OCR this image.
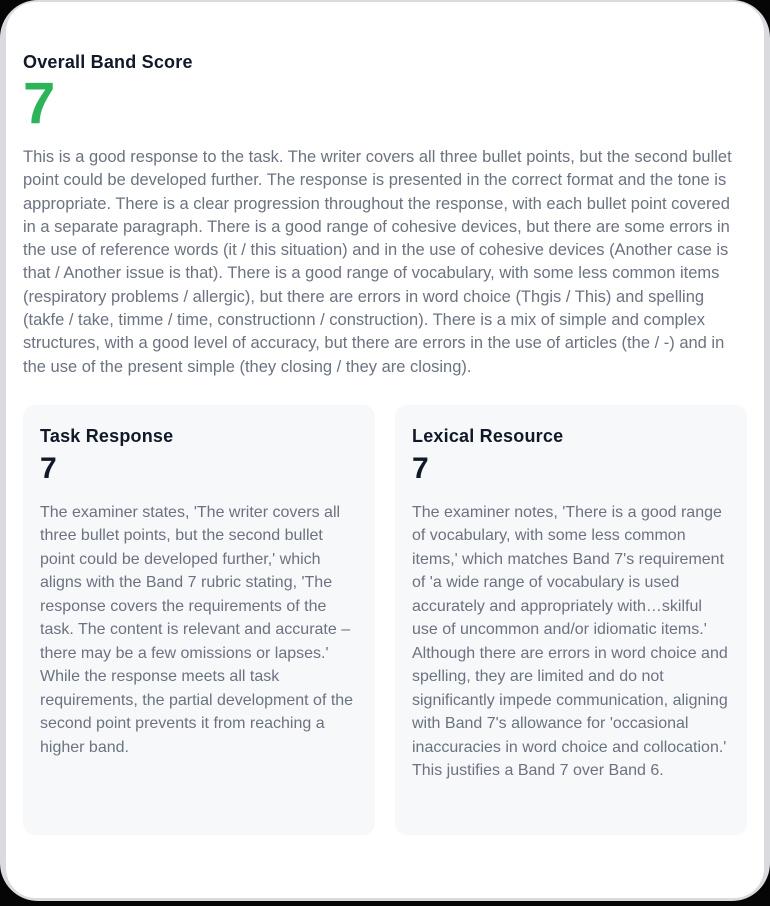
Overall Band Score
7
This is a good response to the task. The writer covers all three bullet points, but the second bullet point could be developed further. The response is presented in the correct format and the tone is appropriate. There is a clear progression throughout the response, with each bullet point covered in a separate paragraph. There is a good range of cohesive devices, but there are some errors in the use of reference words (it / this situation) and in the use of cohesive devices (Another case is that / Another issue is that). There is a good range of vocabulary, with some less common items (respiratory problems / allergic), but there are errors in word choice (Thgis / This) and spelling (takfe / take, timme / time, constructionn / construction). There is a mix of simple and complex structures, with a good level of accuracy, but there are errors in the use of articles (the / -) and in the use of the present simple (they closing / they are closing).
Task Response
7
The examiner states, 'The writer covers all three bullet points, but the second bullet point could be developed further,' which aligns with the Band 7 rubric stating, 'The response covers the requirements of the task. The content is relevant and accurate – there may be a few omissions or lapses.' While the response meets all task requirements, the partial development of the second point prevents it from reaching a higher band.
Lexical Resource
7
The examiner notes, 'There is a good range of vocabulary, with some less common items,' which matches Band 7's requirement of 'a wide range of vocabulary is used accurately and appropriately with…skilful use of uncommon and/or idiomatic items.' Although there are errors in word choice and spelling, they are limited and do not significantly impede communication, aligning with Band 7's allowance for 'occasional inaccuracies in word choice and collocation.' This justifies a Band 7 over Band 6.
